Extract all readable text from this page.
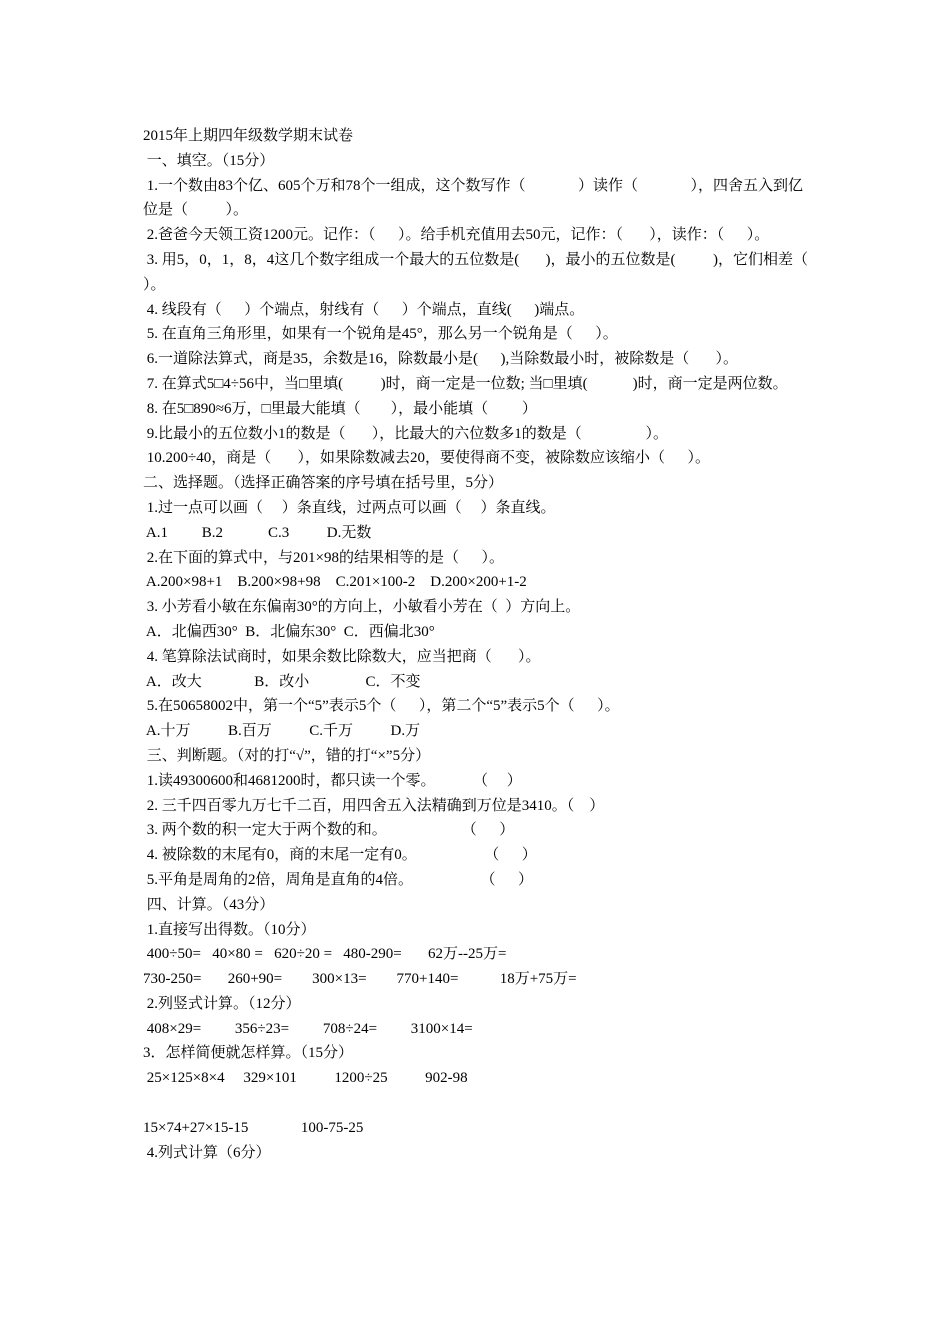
2015年上期四年级数学期末试卷
一、填空。（15分）
1.一个数由83个亿、605个万和78个一组成，这个数写作（              ）读作（              ），四舍五入到亿位是（          ）。
2.爸爸今天领工资1200元。记作：（      ）。给手机充值用去50元，记作：（       ），读作：（      ）。
3. 用5，0，1，8，4这几个数字组成一个最大的五位数是(       )，最小的五位数是(          )，它们相差（          ）。
4. 线段有（      ）个端点，射线有（      ）个端点，直线(      )端点。
5. 在直角三角形里，如果有一个锐角是45°，那么另一个锐角是（      ）。
6.一道除法算式，商是35，余数是16，除数最小是(      ),当除数最小时，被除数是（       ）。
7. 在算式5□4÷56中，当□里填(          )时，商一定是一位数; 当□里填(            )时，商一定是两位数。
8. 在5□890≈6万，□里最大能填（        ），最小能填（         ）
9.比最小的五位数小1的数是（       ），比最大的六位数多1的数是（                 ）。
10.200÷40，商是（       ），如果除数减去20，要使得商不变，被除数应该缩小（      ）。
二、选择题。（选择正确答案的序号填在括号里，5分）
1.过一点可以画（     ）条直线，过两点可以画（     ）条直线。
A.1         B.2            C.3          D.无数
2.在下面的算式中，与201×98的结果相等的是（      ）。
A.200×98+1    B.200×98+98    C.201×100-2    D.200×200+1-2
3. 小芳看小敏在东偏南30°的方向上，小敏看小芳在（  ）方向上。
A．北偏西30°  B．北偏东30°  C．西偏北30°
4. 笔算除法试商时，如果余数比除数大，应当把商（       ）。
A．改大              B．改小               C．不变
5.在50658002中，第一个“5”表示5个（      ），第二个“5”表示5个（      ）。
A.十万          B.百万          C.千万          D.万
三、判断题。（对的打“√”，错的打“×”5分）
1.读49300600和4681200时，都只读一个零。          （     ）
2. 三千四百零九万七千二百，用四舍五入法精确到万位是3410。（    ）
3. 两个数的积一定大于两个数的和。                    （      ）
4. 被除数的末尾有0，商的末尾一定有0。                  （      ）
5.平角是周角的2倍，周角是直角的4倍。                  （      ）
四、计算。（43分）
1.直接写出得数。（10分）
400÷50=   40×80 =   620÷20 =   480-290=       62万--25万=
730-250=       260+90=        300×13=        770+140=           18万+75万=
2.列竖式计算。（12分）
408×29=         356÷23=         708÷24=         3100×14=
3．怎样简便就怎样算。（15分）
25×125×8×4     329×101          1200÷25          902-98
15×74+27×15-15              100-75-25
4.列式计算（6分）
